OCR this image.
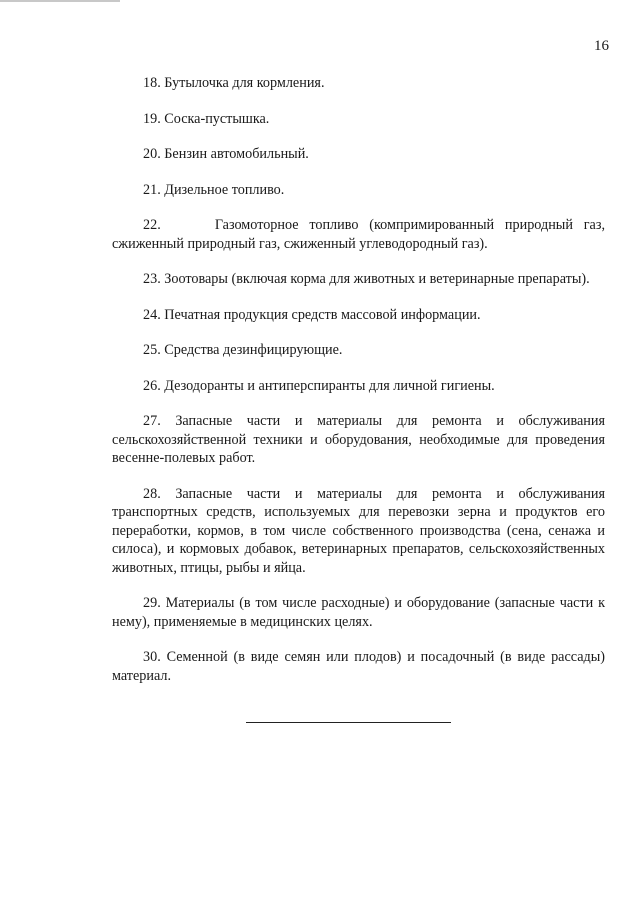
16
18. Бутылочка для кормления.
19. Соска-пустышка.
20. Бензин автомобильный.
21. Дизельное топливо.
22.     Газомоторное топливо (компримированный природный газ, сжиженный природный газ, сжиженный углеводородный газ).
23. Зоотовары (включая корма для животных и ветеринарные препараты).
24. Печатная продукция средств массовой информации.
25. Средства дезинфицирующие.
26. Дезодоранты и антиперспиранты для личной гигиены.
27. Запасные части и материалы для ремонта и обслуживания сельскохозяйственной техники и оборудования, необходимые для проведения весенне-полевых работ.
28. Запасные части и материалы для ремонта и обслуживания транспортных средств, используемых для перевозки зерна и продуктов его переработки, кормов, в том числе собственного производства (сена, сенажа и силоса), и кормовых добавок, ветеринарных препаратов, сельскохозяйственных животных, птицы, рыбы и яйца.
29. Материалы (в том числе расходные) и оборудование (запасные части к нему), применяемые в медицинских целях.
30. Семенной (в виде семян или плодов) и посадочный (в виде рассады) материал.
